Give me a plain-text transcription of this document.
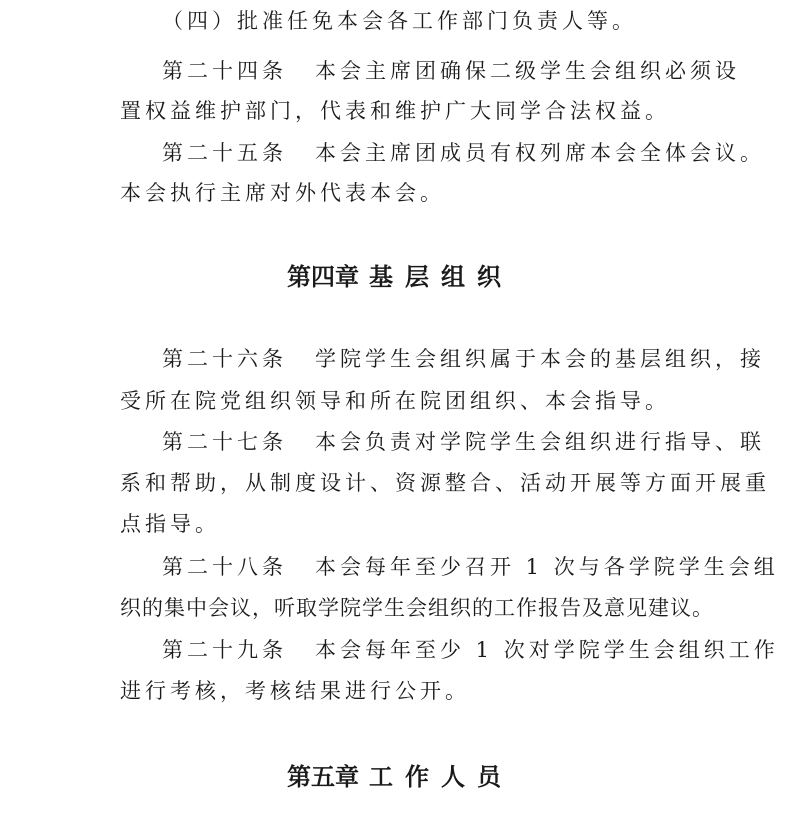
（四）批准任免本会各工作部门负责人等。
第二十四条 本会主席团确保二级学生会组织必须设
置权益维护部门，代表和维护广大同学合法权益。
第二十五条 本会主席团成员有权列席本会全体会议。
本会执行主席对外代表本会。
第四章 基层组织
第二十六条 学院学生会组织属于本会的基层组织，接
受所在院党组织领导和所在院团组织、本会指导。
第二十七条 本会负责对学院学生会组织进行指导、联
系和帮助，从制度设计、资源整合、活动开展等方面开展重
点指导。
第二十八条 本会每年至少召开 1 次与各学院学生会组
织的集中会议，听取学院学生会组织的工作报告及意见建议。
第二十九条 本会每年至少 1 次对学院学生会组织工作
进行考核，考核结果进行公开。
第五章 工作人员
